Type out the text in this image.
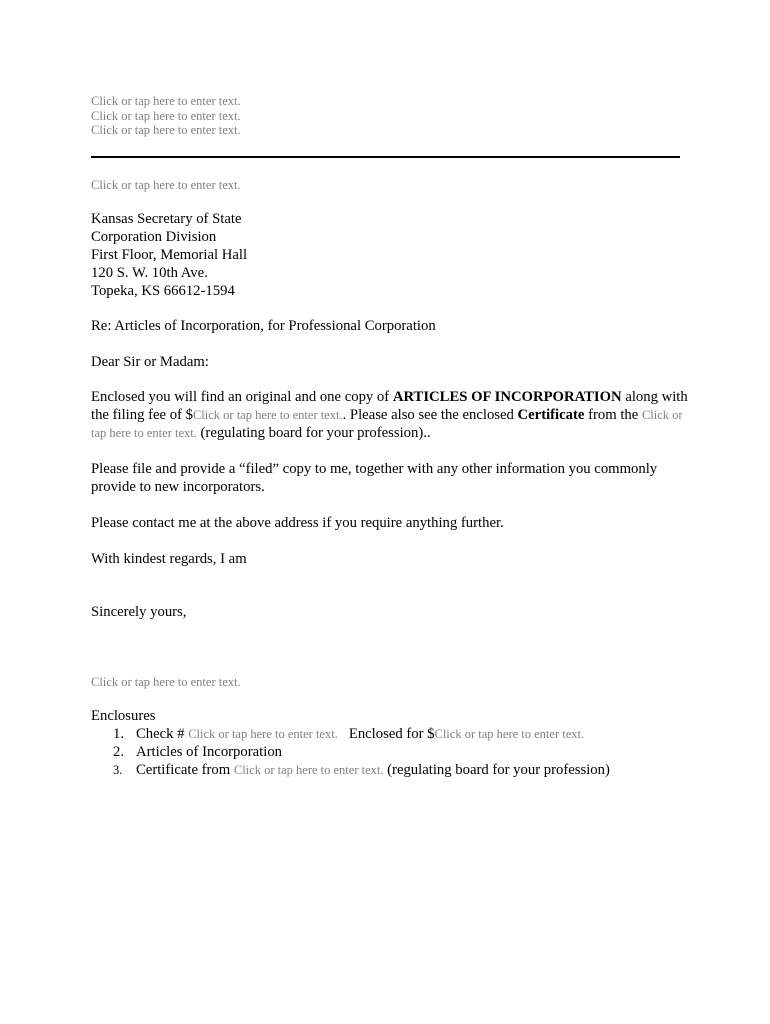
Click or tap here to enter text.
Click or tap here to enter text.
Click or tap here to enter text.
Click or tap here to enter text.
Kansas Secretary of State
Corporation Division
First Floor, Memorial Hall
120 S. W. 10th Ave.
Topeka, KS 66612-1594
Re: Articles of Incorporation, for Professional Corporation
Dear Sir or Madam:
Enclosed you will find an original and one copy of ARTICLES OF INCORPORATION along with the filing fee of $Click or tap here to enter text.. Please also see the enclosed Certificate from the Click or tap here to enter text. (regulating board for your profession)..
Please file and provide a “filed” copy to me, together with any other information you commonly provide to new incorporators.
Please contact me at the above address if you require anything further.
With kindest regards, I am
Sincerely yours,
Click or tap here to enter text.
Enclosures
1. Check # Click or tap here to enter text.   Enclosed for $Click or tap here to enter text.
2. Articles of Incorporation
3. Certificate from Click or tap here to enter text. (regulating board for your profession)
